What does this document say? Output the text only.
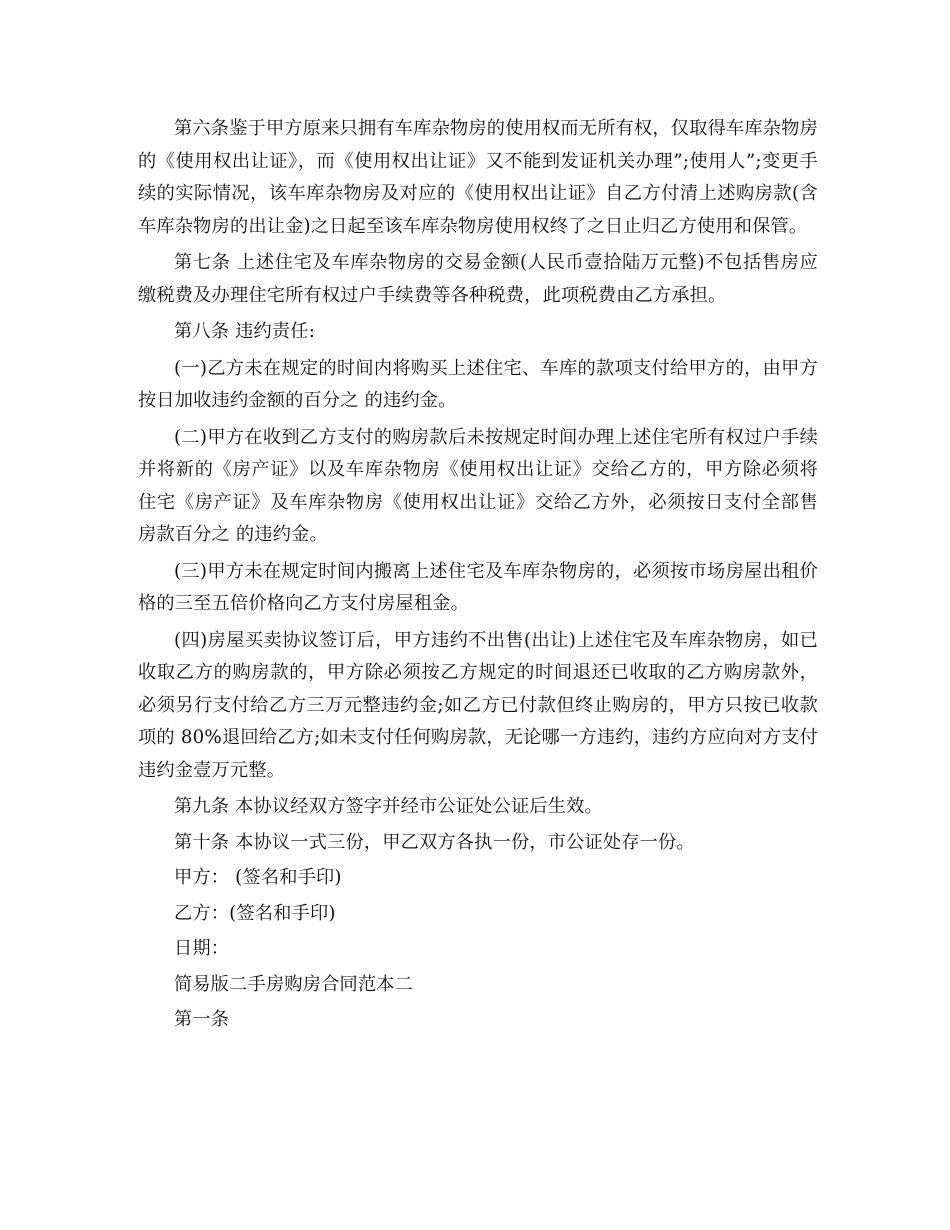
第六条鉴于甲方原来只拥有车库杂物房的使用权而无所有权，仅取得车库杂物房的《使用权出让证》，而《使用权出让证》又不能到发证机关办理”;使用人”;变更手续的实际情况，该车库杂物房及对应的《使用权出让证》自乙方付清上述购房款(含车库杂物房的出让金)之日起至该车库杂物房使用权终了之日止归乙方使用和保管。

第七条 上述住宅及车库杂物房的交易金额(人民币壹拾陆万元整)不包括售房应缴税费及办理住宅所有权过户手续费等各种税费，此项税费由乙方承担。

第八条 违约责任:

(一)乙方未在规定的时间内将购买上述住宅、车库的款项支付给甲方的，由甲方按日加收违约金额的百分之 的违约金。

(二)甲方在收到乙方支付的购房款后未按规定时间办理上述住宅所有权过户手续并将新的《房产证》以及车库杂物房《使用权出让证》交给乙方的，甲方除必须将住宅《房产证》及车库杂物房《使用权出让证》交给乙方外，必须按日支付全部售房款百分之 的违约金。

(三)甲方未在规定时间内搬离上述住宅及车库杂物房的，必须按市场房屋出租价格的三至五倍价格向乙方支付房屋租金。

(四)房屋买卖协议签订后，甲方违约不出售(出让)上述住宅及车库杂物房，如已收取乙方的购房款的，甲方除必须按乙方规定的时间退还已收取的乙方购房款外，必须另行支付给乙方三万元整违约金;如乙方已付款但终止购房的，甲方只按已收款项的 80%退回给乙方;如未支付任何购房款，无论哪一方违约，违约方应向对方支付违约金壹万元整。

第九条 本协议经双方签字并经市公证处公证后生效。
第十条 本协议一式三份，甲乙双方各执一份，市公证处存一份。
甲方： (签名和手印)
乙方：(签名和手印)
日期：
简易版二手房购房合同范本二
第一条
